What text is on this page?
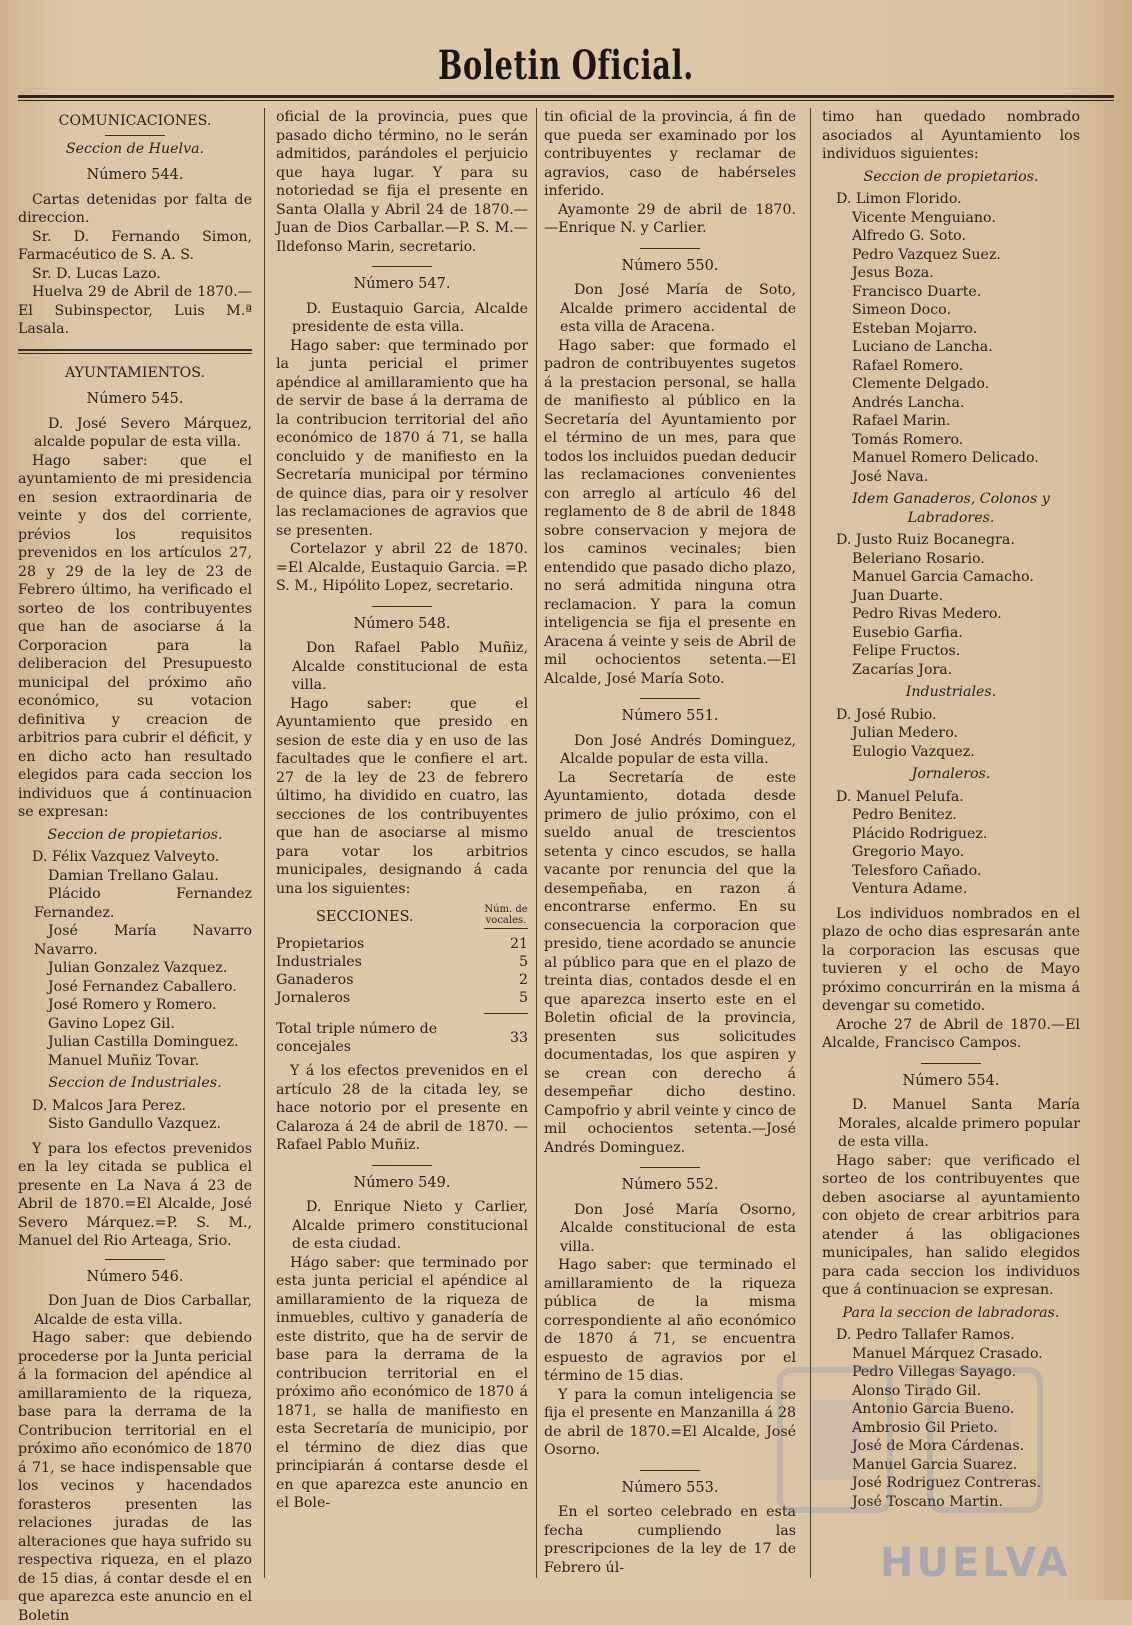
Boletin Oficial.
COMUNICACIONES.
Seccion de Huelva.
Número 544.

Cartas detenidas por falta de direccion.

Sr. D. Fernando Simon, Farmacéutico de S. A. S.

Sr. D. Lucas Lazo.

Huelva 29 de Abril de 1870.—El Subinspector, Luis M.ª Lasala.

AYUNTAMIENTOS.
Número 545.

D. José Severo Márquez, alcalde popular de esta villa.

Hago saber: que el ayuntamiento de mi presidencia en sesion extraordinaria de veinte y dos del corriente, prévios los requisitos prevenidos en los artículos 27, 28 y 29 de la ley de 23 de Febrero último, ha verificado el sorteo de los contribuyentes que han de asociarse á la Corporacion para la deliberacion del Presupuesto municipal del próximo año económico, su votacion definitiva y creacion de arbitrios para cubrir el déficit, y en dicho acto han resultado elegidos para cada seccion los individuos que á continuacion se expresan:

Seccion de propietarios.

D. Félix Vazquez Valveyto.

Damian Trellano Galau.

Plácido Fernandez Fernandez.

José María Navarro Navarro.

Julian Gonzalez Vazquez.

José Fernandez Caballero.

José Romero y Romero.

Gavino Lopez Gil.

Julian Castilla Dominguez.

Manuel Muñiz Tovar.

Seccion de Industriales.

D. Malcos Jara Perez.

Sisto Gandullo Vazquez.

Y para los efectos prevenidos en la ley citada se publica el presente en La Nava á 23 de Abril de 1870.=El Alcalde, José Severo Márquez.=P. S. M., Manuel del Rio Arteaga, Srio.

Número 546.

Don Juan de Dios Carballar, Alcalde de esta villa.

Hago saber: que debiendo procederse por la Junta pericial á la formacion del apéndice al amillaramiento de la riqueza, base para la derrama de la Contribucion territorial en el próximo año económico de 1870 á 71, se hace indispensable que los vecinos y hacendados forasteros presenten las relaciones juradas de las alteraciones que haya sufrido su respectiva riqueza, en el plazo de 15 dias, á contar desde el en que aparezca este anuncio en el Boletin

oficial de la provincia, pues que pasado dicho término, no le serán admitidos, parándoles el perjuicio que haya lugar. Y para su notoriedad se fija el presente en Santa Olalla y Abril 24 de 1870.—Juan de Dios Carballar.—P. S. M.—Ildefonso Marin, secretario.

Número 547.

D. Eustaquio Garcia, Alcalde presidente de esta villa.

Hago saber: que terminado por la junta pericial el primer apéndice al amillaramiento que ha de servir de base á la derrama de la contribucion territorial del año económico de 1870 á 71, se halla concluido y de manifiesto en la Secretaría municipal por término de quince dias, para oir y resolver las reclamaciones de agravios que se presenten.

Cortelazor y abril 22 de 1870. =El Alcalde, Eustaquio Garcia. =P. S. M., Hipólito Lopez, secretario.

Número 548.

Don Rafael Pablo Muñiz, Alcalde constitucional de esta villa.

Hago saber: que el Ayuntamiento que presido en sesion de este dia y en uso de las facultades que le confiere el art. 27 de la ley de 23 de febrero último, ha dividido en cuatro, las secciones de los contribuyentes que han de asociarse al mismo para votar los arbitrios municipales, designando á cada una los siguientes:

SECCIONES.	Núm. de vocales.
Propietarios	21
Industriales	5
Ganaderos	2
Jornaleros	5
Total triple número de concejales	33

Y á los efectos prevenidos en el artículo 28 de la citada ley, se hace notorio por el presente en Calaroza á 24 de abril de 1870. —Rafael Pablo Muñiz.

Número 549.

D. Enrique Nieto y Carlier, Alcalde primero constitucional de esta ciudad.

Hágo saber: que terminado por esta junta pericial el apéndice al amillaramiento de la riqueza de inmuebles, cultivo y ganadería de este distrito, que ha de servir de base para la derrama de la contribucion territorial en el próximo año económico de 1870 á 1871, se halla de manifiesto en esta Secretaría de municipio, por el término de diez dias que principiarán á contarse desde el en que aparezca este anuncio en el Bole-

tin oficial de la provincia, á fin de que pueda ser examinado por los contribuyentes y reclamar de agravios, caso de habérseles inferido.

Ayamonte 29 de abril de 1870. —Enrique N. y Carlier.

Número 550.

Don José María de Soto, Alcalde primero accidental de esta villa de Aracena.

Hago saber: que formado el padron de contribuyentes sugetos á la prestacion personal, se halla de manifiesto al público en la Secretaría del Ayuntamiento por el término de un mes, para que todos los incluidos puedan deducir las reclamaciones convenientes con arreglo al artículo 46 del reglamento de 8 de abril de 1848 sobre conservacion y mejora de los caminos vecinales; bien entendido que pasado dicho plazo, no será admitida ninguna otra reclamacion. Y para la comun inteligencia se fija el presente en Aracena á veinte y seis de Abril de mil ochocientos setenta.—El Alcalde, José María Soto.

Número 551.

Don José Andrés Dominguez, Alcalde popular de esta villa.

La Secretaría de este Ayuntamiento, dotada desde primero de julio próximo, con el sueldo anual de trescientos setenta y cinco escudos, se halla vacante por renuncia del que la desempeñaba, en razon á encontrarse enfermo. En su consecuencia la corporacion que presido, tiene acordado se anuncie al público para que en el plazo de treinta dias, contados desde el en que aparezca inserto este en el Boletin oficial de la provincia, presenten sus solicitudes documentadas, los que aspiren y se crean con derecho á desempeñar dicho destino. Campofrio y abril veinte y cinco de mil ochocientos setenta.—José Andrés Dominguez.

Número 552.

Don José María Osorno, Alcalde constitucional de esta villa.

Hago saber: que terminado el amillaramiento de la riqueza pública de la misma correspondiente al año económico de 1870 á 71, se encuentra espuesto de agravios por el término de 15 dias.

Y para la comun inteligencia se fija el presente en Manzanilla á 28 de abril de 1870.=El Alcalde, José Osorno.

Número 553.

En el sorteo celebrado en esta fecha cumpliendo las prescripciones de la ley de 17 de Febrero úl-

timo han quedado nombrado asociados al Ayuntamiento los individuos siguientes:

Seccion de propietarios.

D. Limon Florido.

Vicente Menguiano.

Alfredo G. Soto.

Pedro Vazquez Suez.

Jesus Boza.

Francisco Duarte.

Simeon Doco.

Esteban Mojarro.

Luciano de Lancha.

Rafael Romero.

Clemente Delgado.

Andrés Lancha.

Rafael Marin.

Tomás Romero.

Manuel Romero Delicado.

José Nava.

Idem Ganaderos, Colonos y Labradores.

D. Justo Ruiz Bocanegra.

Beleriano Rosario.

Manuel Garcia Camacho.

Juan Duarte.

Pedro Rivas Medero.

Eusebio Garfia.

Felipe Fructos.

Zacarías Jora.

Industriales.

D. José Rubio.

Julian Medero.

Eulogio Vazquez.

Jornaleros.

D. Manuel Pelufa.

Pedro Benitez.

Plácido Rodriguez.

Gregorio Mayo.

Telesforo Cañado.

Ventura Adame.

Los individuos nombrados en el plazo de ocho dias espresarán ante la corporacion las escusas que tuvieren y el ocho de Mayo próximo concurrirán en la misma á devengar su cometido.

Aroche 27 de Abril de 1870.—El Alcalde, Francisco Campos.

Número 554.

D. Manuel Santa María Morales, alcalde primero popular de esta villa.

Hago saber: que verificado el sorteo de los contribuyentes que deben asociarse al ayuntamiento con objeto de crear arbitrios para atender á las obligaciones municipales, han salido elegidos para cada seccion los individuos que á continuacion se expresan.

Para la seccion de labradoras.

D. Pedro Tallafer Ramos.

Manuel Márquez Crasado.

Pedro Villegas Sayago.

Alonso Tirado Gil.

Antonio Garcia Bueno.

Ambrosio Gil Prieto.

José de Mora Cárdenas.

Manuel Garcia Suarez.

José Rodriguez Contreras.

José Toscano Martin.

HUELVA
